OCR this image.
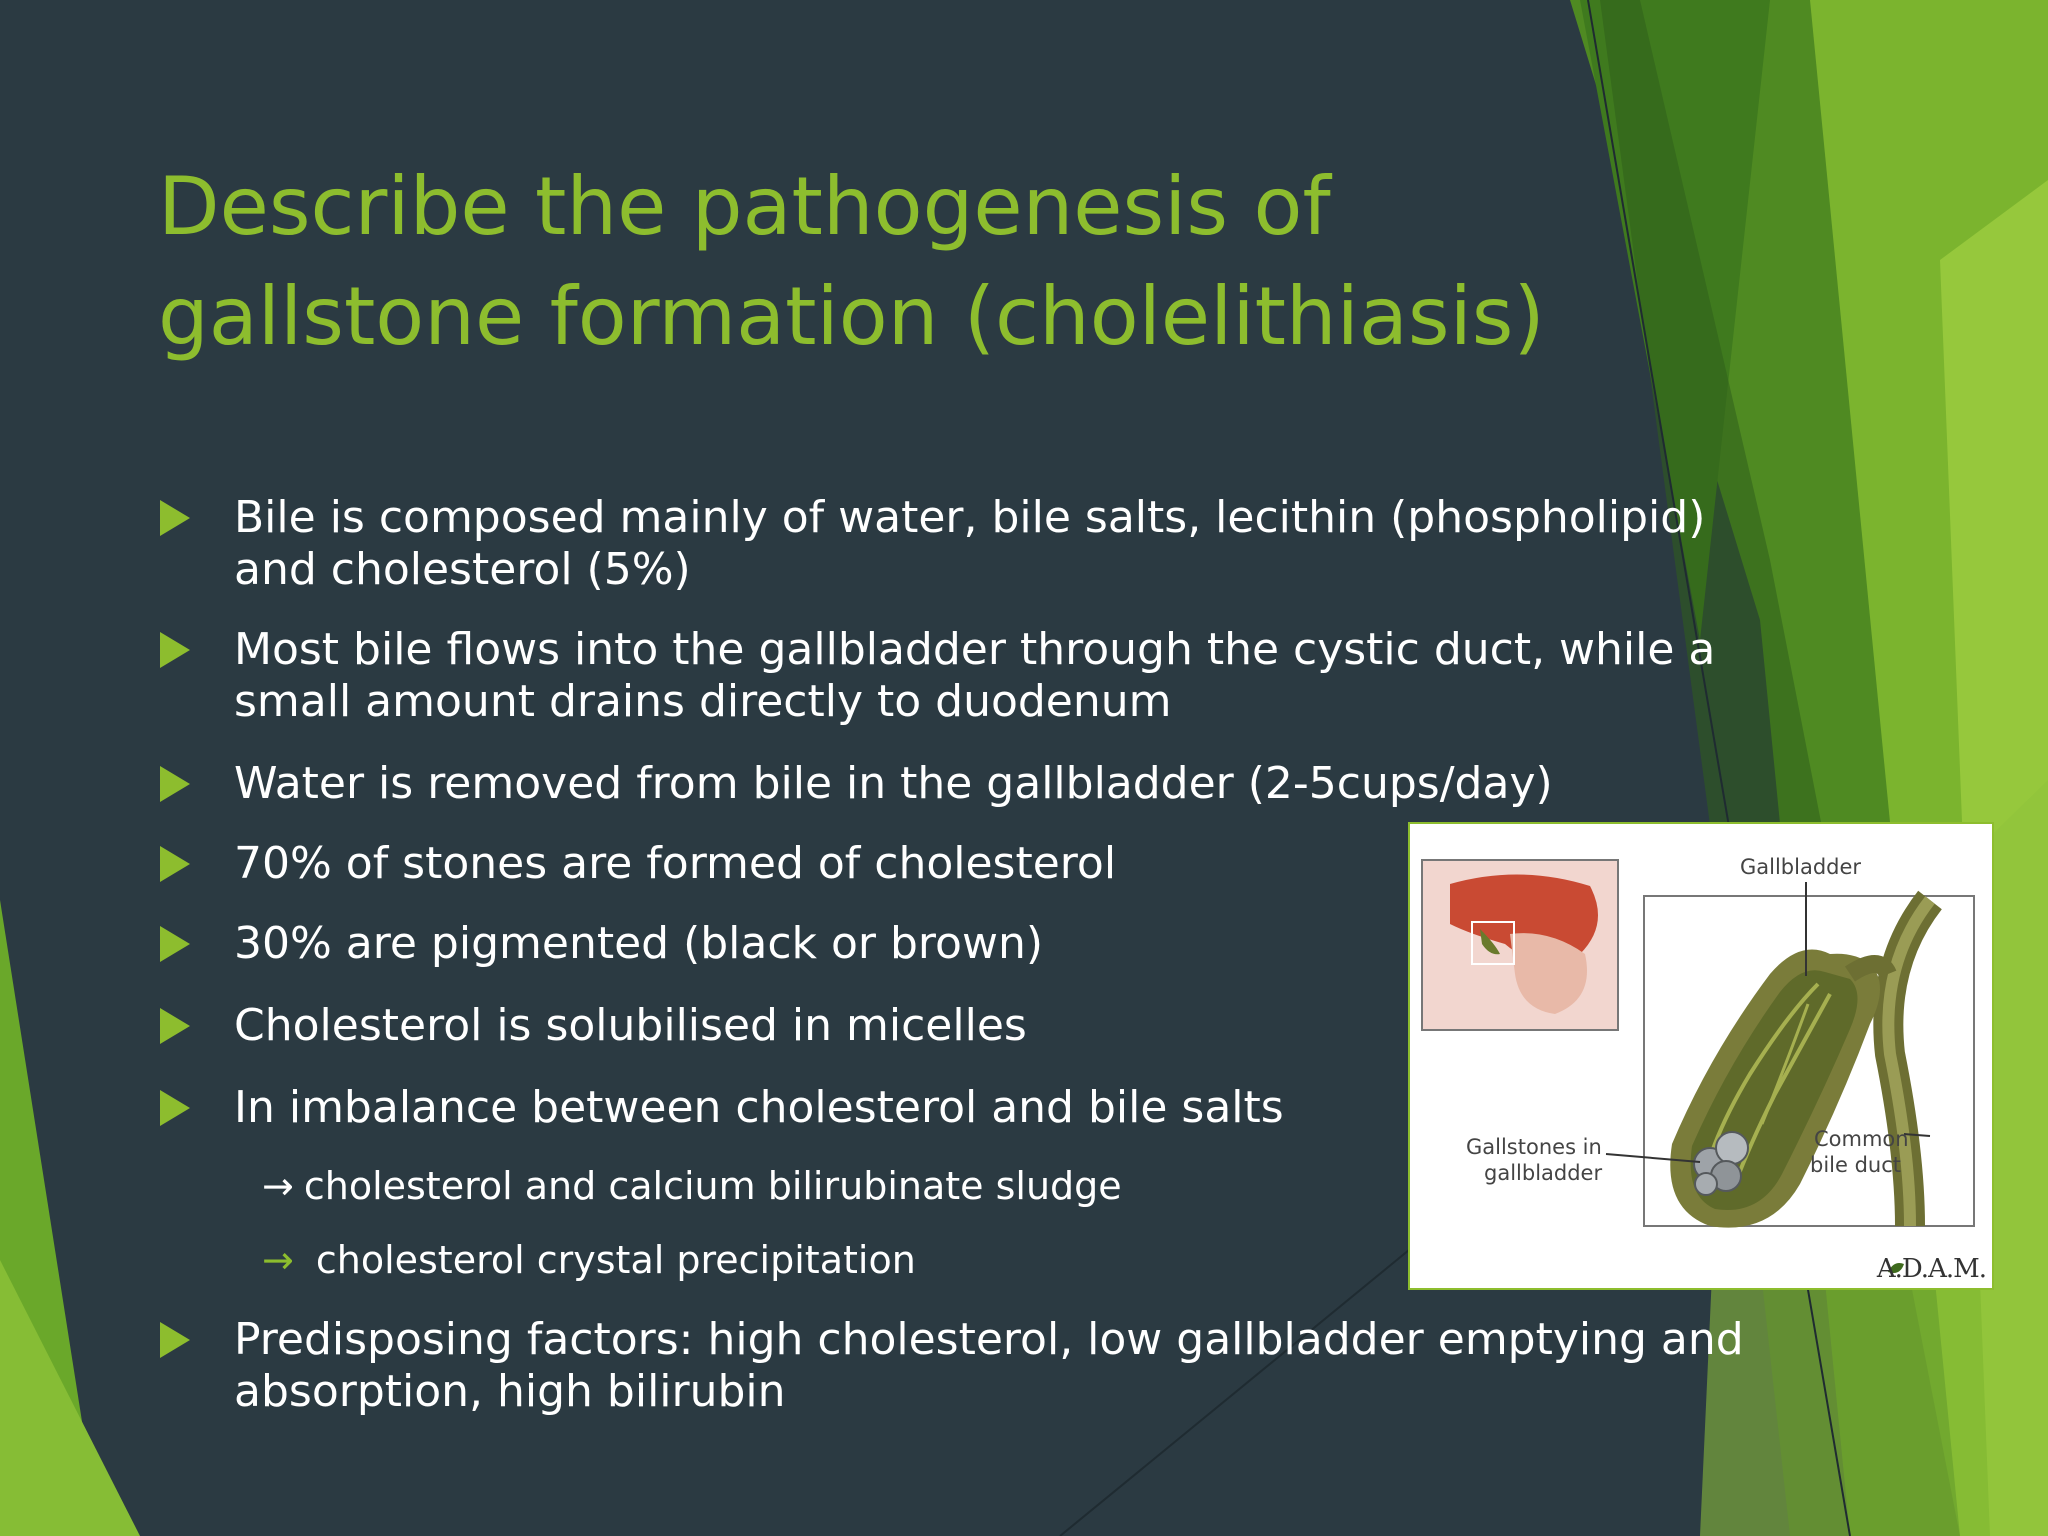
Describe the pathogenesis of
gallstone formation (cholelithiasis)
Bile is composed mainly of water, bile salts, lecithin (phospholipid)
and cholesterol (5%)
Most bile flows into the gallbladder through the cystic duct, while a
small amount drains directly to duodenum
Water is removed from bile in the gallbladder (2-5cups/day)
70% of stones are formed of cholesterol
30% are pigmented (black or brown)
Cholesterol is solubilised in micelles
In imbalance between cholesterol and bile salts
Predisposing factors: high cholesterol, low gallbladder emptying and
absorption, high bilirubin
→ cholesterol and calcium bilirubinate sludge
→ cholesterol crystal precipitation
Gallbladder
Gallstones in
gallbladder
Common
bile duct
A.D.A.M.
